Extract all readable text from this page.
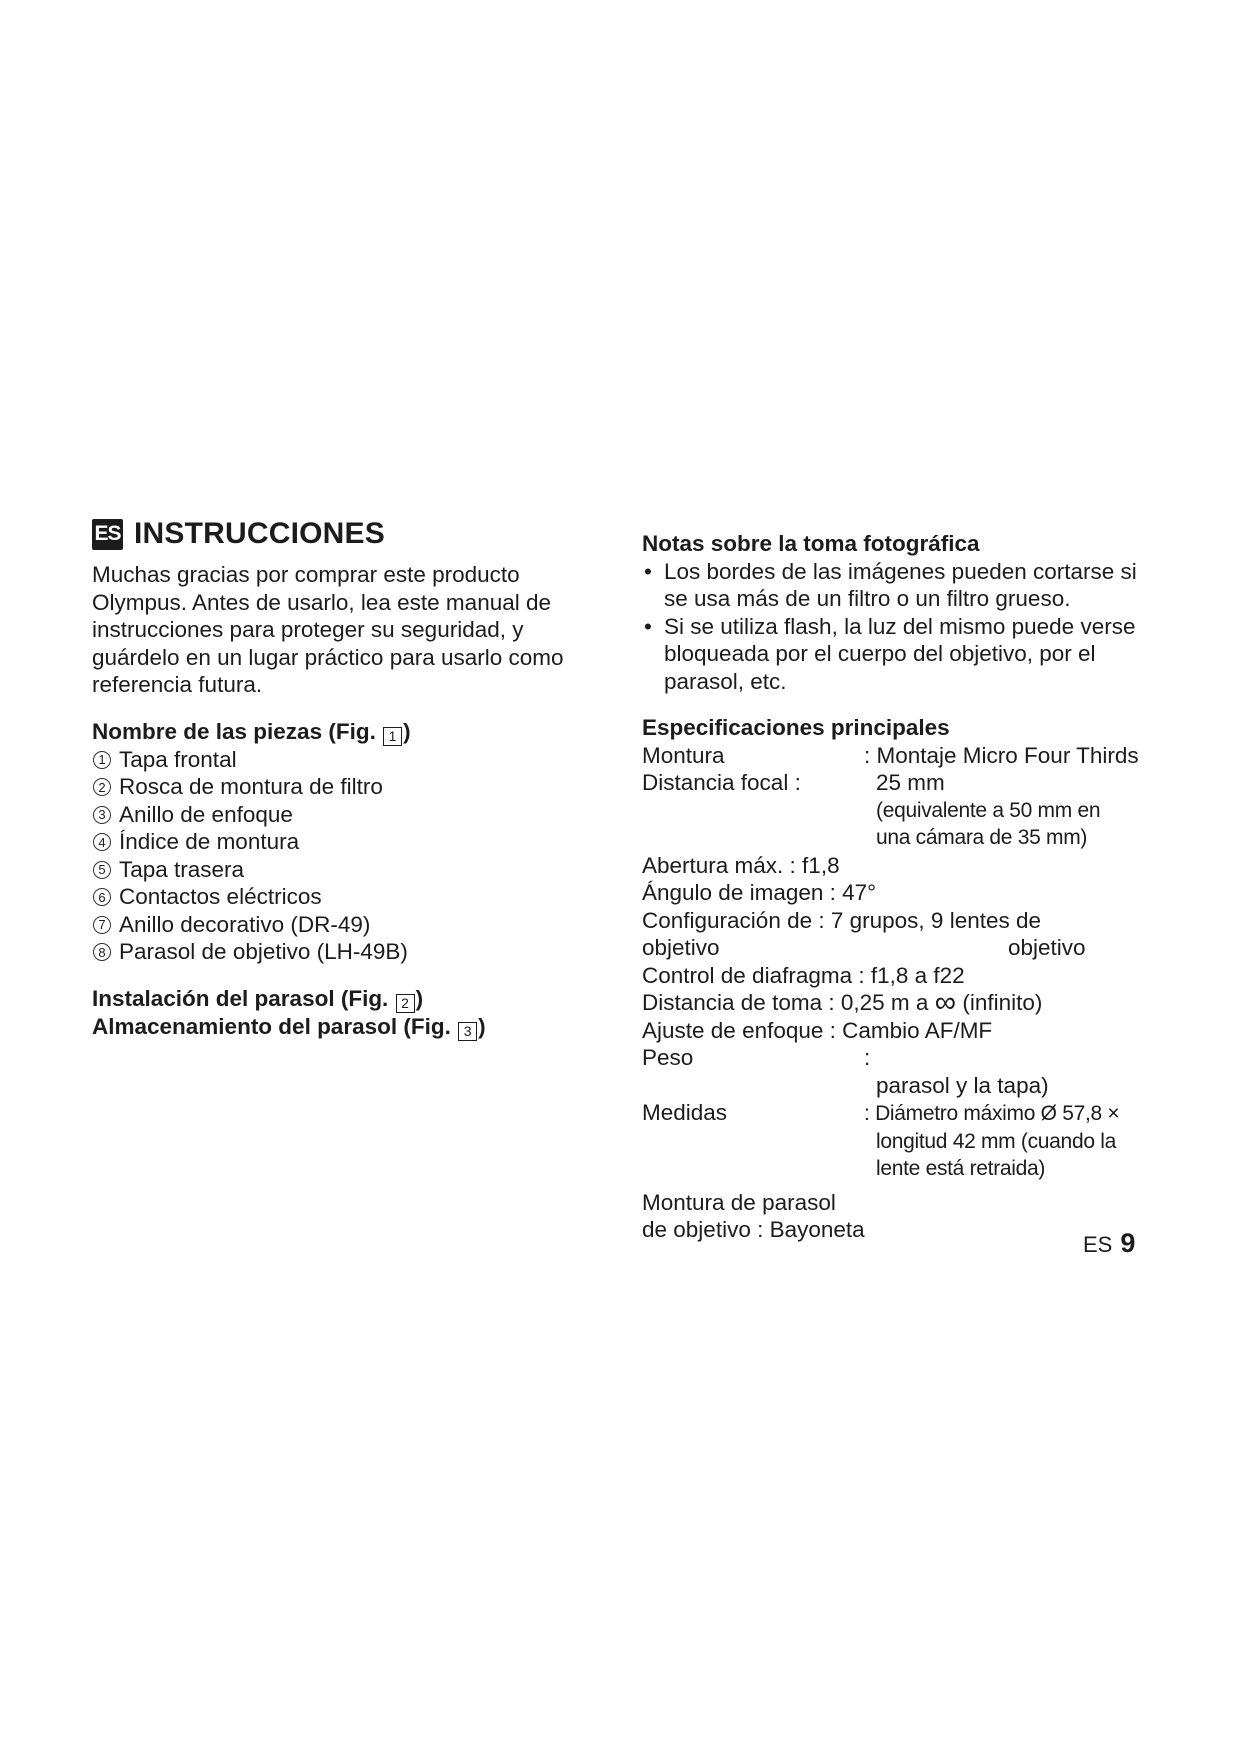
ES INSTRUCCIONES
Muchas gracias por comprar este producto Olympus. Antes de usarlo, lea este manual de instrucciones para proteger su seguridad, y guárdelo en un lugar práctico para usarlo como referencia futura.
Nombre de las piezas (Fig. 1 )
1 Tapa frontal
2 Rosca de montura de filtro
3 Anillo de enfoque
4 Índice de montura
5 Tapa trasera
6 Contactos eléctricos
7 Anillo decorativo (DR-49)
8 Parasol de objetivo (LH-49B)
Instalación del parasol (Fig. 2 )
Almacenamiento del parasol (Fig. 3 )
Notas sobre la toma fotográfica
• Los bordes de las imágenes pueden cortarse si se usa más de un filtro o un filtro grueso.
• Si se utiliza flash, la luz del mismo puede verse bloqueada por el cuerpo del objetivo, por el parasol, etc.
Especificaciones principales
Montura	: Montaje Micro Four Thirds
Distancia focal :	25 mm
(equivalente a 50 mm en
una cámara de 35 mm)
Abertura máx. : f1,8
Ángulo de imagen : 47°
Configuración de : 7 grupos, 9 lentes de
objetivo	objetivo
Control de diafragma : f1,8 a f22
Distancia de toma : 0,25 m a ∞ (infinito)
Ajuste de enfoque : Cambio AF/MF
Peso	:
parasol y la tapa)
Medidas	: Diámetro máximo Ø 57,8 ×
longitud 42 mm (cuando la
lente está retraida)
Montura de parasol
de objetivo : Bayoneta
ES 9
